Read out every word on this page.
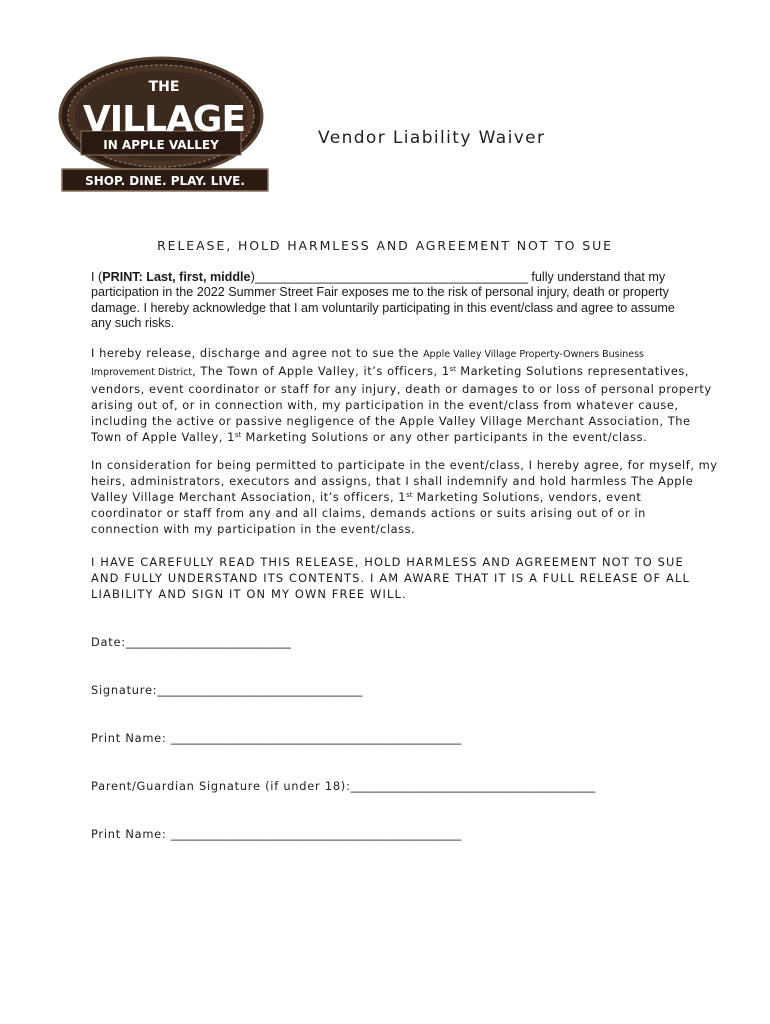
THE
VILLAGE
IN APPLE VALLEY
SHOP. DINE. PLAY. LIVE.
Vendor Liability Waiver
RELEASE, HOLD HARMLESS AND AGREEMENT NOT TO SUE
I (PRINT: Last, first, middle)_______________________________________ fully understand that my
participation in the 2022 Summer Street Fair exposes me to the risk of personal injury, death or property
damage. I hereby acknowledge that I am voluntarily participating in this event/class and agree to assume
any such risks.
I hereby release, discharge and agree not to sue the Apple Valley Village Property-Owners Business
Improvement District, The Town of Apple Valley, it’s officers, 1st Marketing Solutions representatives,
vendors, event coordinator or staff for any injury, death or damages to or loss of personal property
arising out of, or in connection with, my participation in the event/class from whatever cause,
including the active or passive negligence of the Apple Valley Village Merchant Association, The
Town of Apple Valley, 1st Marketing Solutions or any other participants in the event/class.
In consideration for being permitted to participate in the event/class, I hereby agree, for myself, my
heirs, administrators, executors and assigns, that I shall indemnify and hold harmless The Apple
Valley Village Merchant Association, it’s officers, 1st Marketing Solutions, vendors, event
coordinator or staff from any and all claims, demands actions or suits arising out of or in
connection with my participation in the event/class.
I HAVE CAREFULLY READ THIS RELEASE, HOLD HARMLESS AND AGREEMENT NOT TO SUE
AND FULLY UNDERSTAND ITS CONTENTS. I AM AWARE THAT IT IS A FULL RELEASE OF ALL
LIABILITY AND SIGN IT ON MY OWN FREE WILL.
Date:_____________________________
Signature:____________________________________
Print Name: ___________________________________________________
Parent/Guardian Signature (if under 18):___________________________________________
Print Name: ___________________________________________________
